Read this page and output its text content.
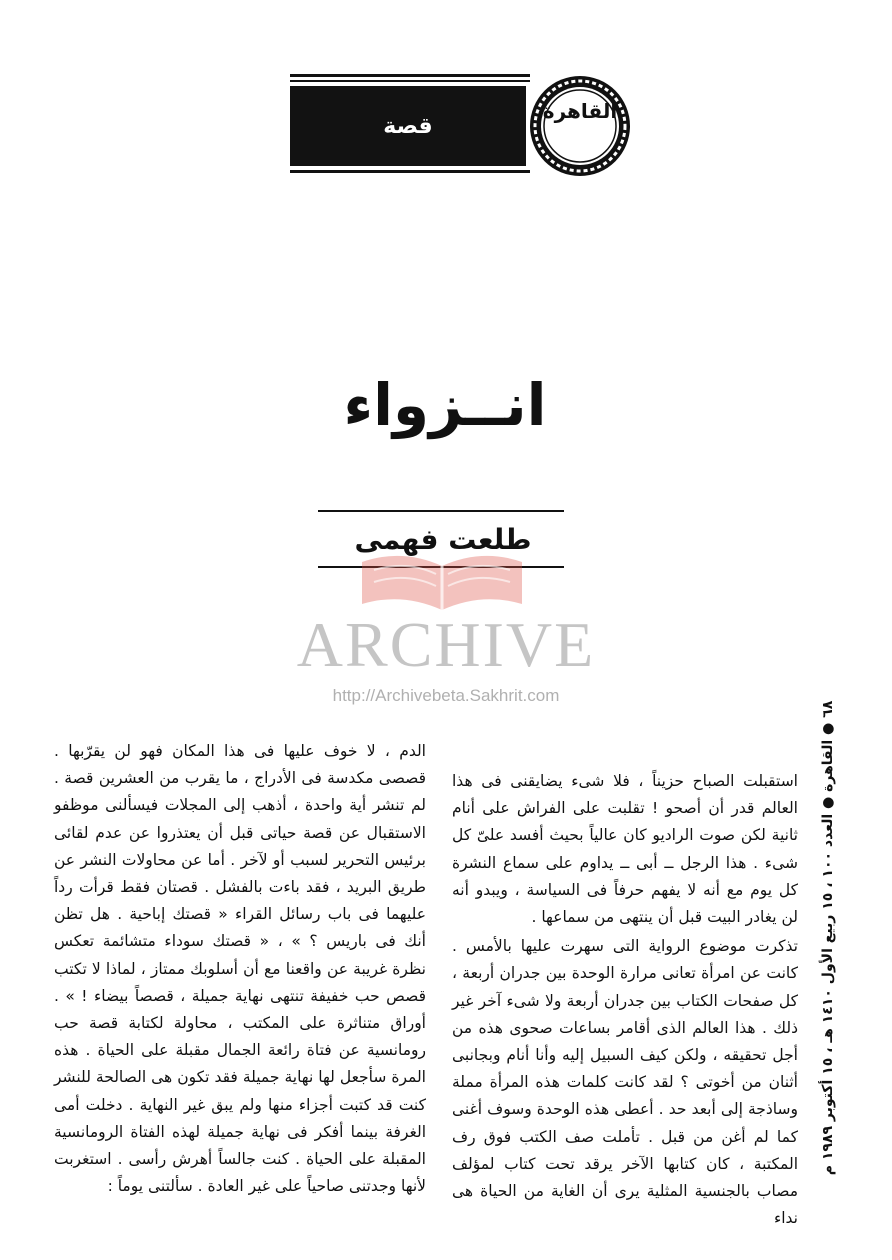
قصة
القاهرة
انــزواء
طلعت فهمى
ARCHIVE
http://Archivebeta.Sakhrit.com
٦٨ ● القاهرة ● العدد ١٠٠ ، ١٥ ربيع الأول ١٤١٠ هـ ، ١٥ أكتوبر ١٩٨٩ م

استقبلت الصباح حزيناً ، فلا شىء يضايقنى فى هذا العالم قدر أن أصحو ! تقلبت على الفراش على أنام ثانية لكن صوت الراديو كان عالياً بحيث أفسد علىّ كل شىء . هذا الرجل ــ أبى ــ يداوم على سماع النشرة كل يوم مع أنه لا يفهم حرفاً فى السياسة ، ويبدو أنه لن يغادر البيت قبل أن ينتهى من سماعها .

تذكرت موضوع الرواية التى سهرت عليها بالأمس . كانت عن امرأة تعانى مرارة الوحدة بين جدران أربعة ، كل صفحات الكتاب بين جدران أربعة ولا شىء آخر غير ذلك . هذا العالم الذى أقامر بساعات صحوى هذه من أجل تحقيقه ، ولكن كيف السبيل إليه وأنا أنام وبجانبى أثنان من أخوتى ؟ لقد كانت كلمات هذه المرأة مملة وساذجة إلى أبعد حد . أعطى هذه الوحدة وسوف أغنى كما لم أغن من قبل . تأملت صف الكتب فوق رف المكتبة ، كان كتابها الآخر يرقد تحت كتاب لمؤلف مصاب بالجنسية المثلية يرى أن الغاية من الحياة هى نداء

الدم ، لا خوف عليها فى هذا المكان فهو لن يقرّبها . قصصى مكدسة فى الأدراج ، ما يقرب من العشرين قصة . لم تنشر أية واحدة ، أذهب إلى المجلات فيسألنى موظفو الاستقبال عن قصة حياتى قبل أن يعتذروا عن عدم لقائى برئيس التحرير لسبب أو لآخر . أما عن محاولات النشر عن طريق البريد ، فقد باءت بالفشل . قصتان فقط قرأت رداً عليهما فى باب رسائل القراء « قصتك إباحية . هل تظن أنك فى باريس ؟ » ، « قصتك سوداء متشائمة تعكس نظرة غريبة عن واقعنا مع أن أسلوبك ممتاز ، لماذا لا تكتب قصص حب خفيفة تنتهى نهاية جميلة ، قصصاً بيضاء ! » . أوراق متناثرة على المكتب ، محاولة لكتابة قصة حب رومانسية عن فتاة رائعة الجمال مقبلة على الحياة . هذه المرة سأجعل لها نهاية جميلة فقد تكون هى الصالحة للنشر كنت قد كتبت أجزاء منها ولم يبق غير النهاية . دخلت أمى الغرفة بينما أفكر فى نهاية جميلة لهذه الفتاة الرومانسية المقبلة على الحياة . كنت جالساً أهرش رأسى . استغربت لأنها وجدتنى صاحياً على غير العادة . سألتنى يوماً :
